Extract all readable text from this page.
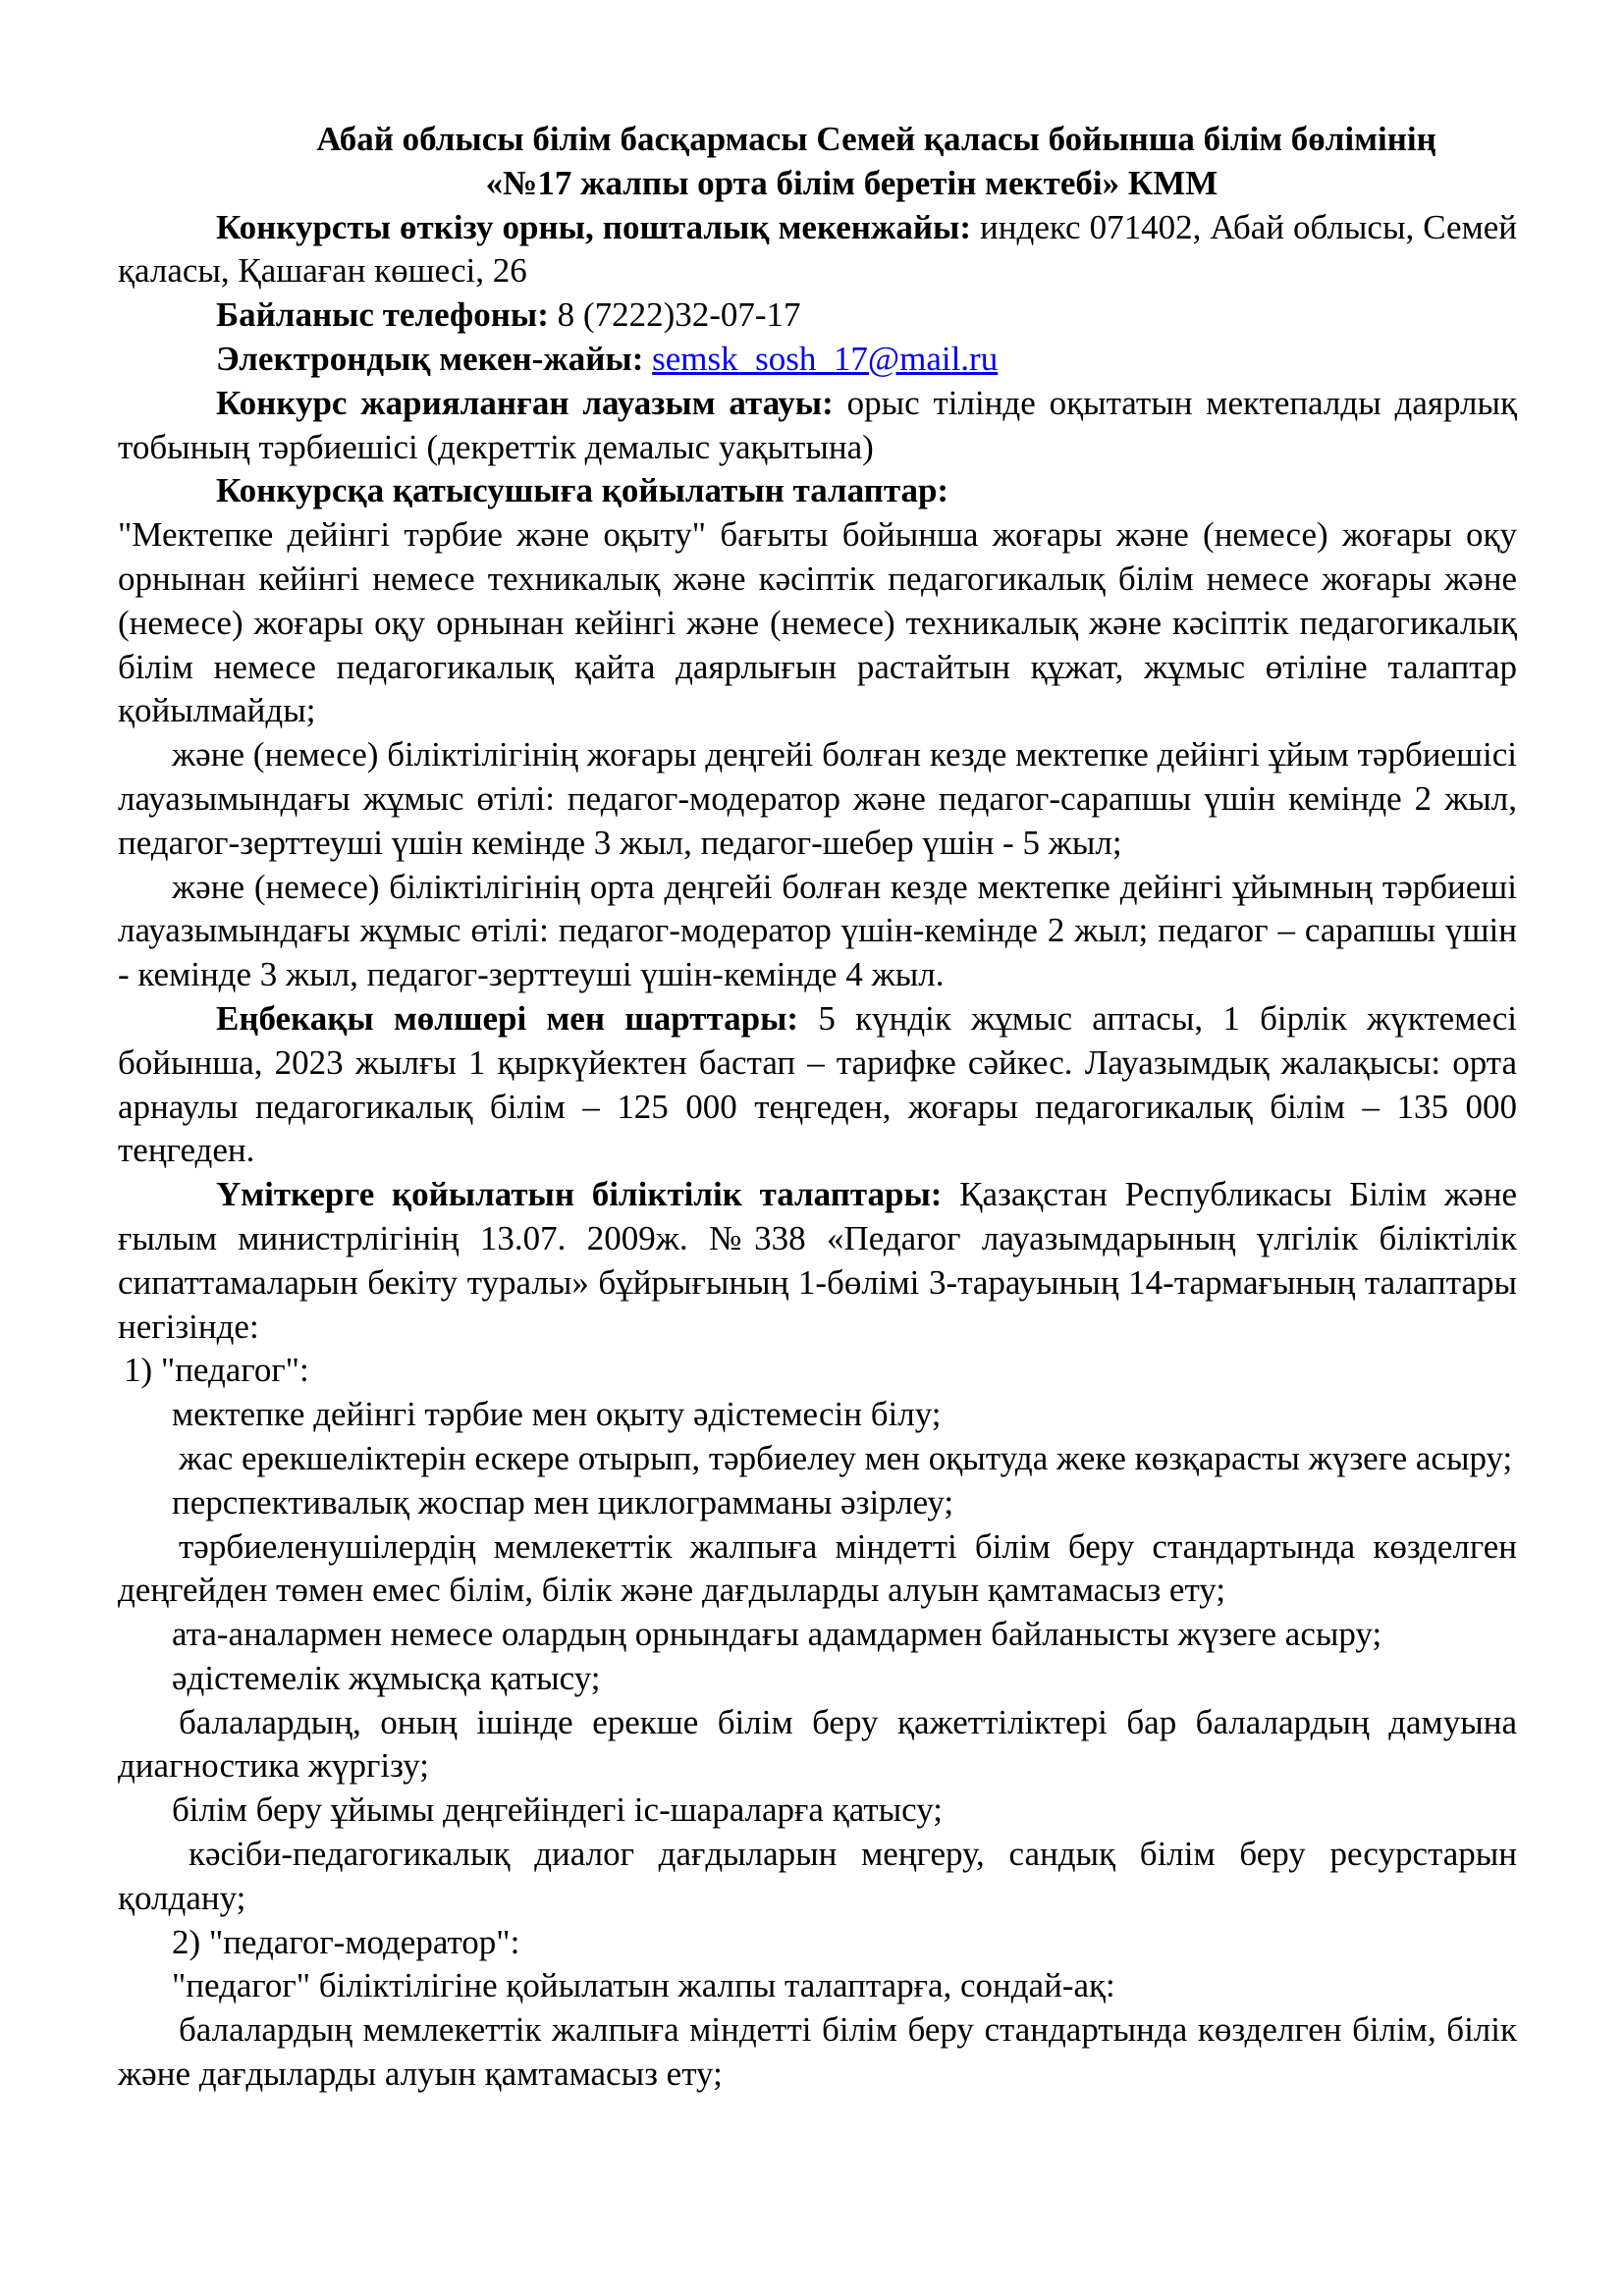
Абай облысы білім басқармасы Семей қаласы бойынша білім бөлімінің

«№17 жалпы орта білім беретін мектебі» КММ

Конкурсты өткізу орны, пошталық мекенжайы: индекс 071402, Абай облысы, Семей қаласы, Қашаған көшесі, 26

Байланыс телефоны: 8 (7222)32-07-17

Электрондық мекен-жайы: semsk_sosh_17@mail.ru

Конкурс жарияланған лауазым атауы: орыс тілінде оқытатын мектепалды даярлық тобының тәрбиешісі (декреттік демалыс уақытына)

Конкурсқа қатысушыға қойылатын талаптар:

"Мектепке дейінгі тәрбие және оқыту" бағыты бойынша жоғары және (немесе) жоғары оқу орнынан кейінгі немесе техникалық және кәсіптік педагогикалық білім немесе жоғары және (немесе) жоғары оқу орнынан кейінгі және (немесе) техникалық және кәсіптік педагогикалық білім немесе педагогикалық қайта даярлығын растайтын құжат, жұмыс өтіліне талаптар қойылмайды;

және (немесе) біліктілігінің жоғары деңгейі болған кезде мектепке дейінгі ұйым тәрбиешісі лауазымындағы жұмыс өтілі: педагог-модератор және педагог-сарапшы үшін кемінде 2 жыл, педагог-зерттеуші үшін кемінде 3 жыл, педагог-шебер үшін - 5 жыл;

және (немесе) біліктілігінің орта деңгейі болған кезде мектепке дейінгі ұйымның тәрбиеші лауазымындағы жұмыс өтілі: педагог-модератор үшін-кемінде 2 жыл; педагог – сарапшы үшін - кемінде 3 жыл, педагог-зерттеуші үшін-кемінде 4 жыл.

Еңбекақы мөлшері мен шарттары: 5 күндік жұмыс аптасы, 1 бірлік жүктемесі бойынша, 2023 жылғы 1 қыркүйектен бастап – тарифке сәйкес. Лауазымдық жалақысы: орта арнаулы педагогикалық білім – 125 000 теңгеден, жоғары педагогикалық білім – 135 000 теңгеден.

Үміткерге қойылатын біліктілік талаптары: Қазақстан Республикасы Білім және ғылым министрлігінің 13.07. 2009ж. №338 «Педагог лауазымдарының үлгілік біліктілік сипаттамаларын бекіту туралы» бұйрығының 1-бөлімі 3-тарауының 14-тармағының талаптары негізінде:

1) "педагог":

мектепке дейінгі тәрбие мен оқыту әдістемесін білу;

жас ерекшеліктерін ескере отырып, тәрбиелеу мен оқытуда жеке көзқарасты жүзеге асыру;

перспективалық жоспар мен циклограмманы әзірлеу;

тәрбиеленушілердің мемлекеттік жалпыға міндетті білім беру стандартында көзделген деңгейден төмен емес білім, білік және дағдыларды алуын қамтамасыз ету;

ата-аналармен немесе олардың орнындағы адамдармен байланысты жүзеге асыру;

әдістемелік жұмысқа қатысу;

балалардың, оның ішінде ерекше білім беру қажеттіліктері бар балалардың дамуына диагностика жүргізу;

білім беру ұйымы деңгейіндегі іс-шараларға қатысу;

кәсіби-педагогикалық диалог дағдыларын меңгеру, сандық білім беру ресурстарын қолдану;

2) "педагог-модератор":

"педагог" біліктілігіне қойылатын жалпы талаптарға, сондай-ақ:

балалардың мемлекеттік жалпыға міндетті білім беру стандартында көзделген білім, білік және дағдыларды алуын қамтамасыз ету;
